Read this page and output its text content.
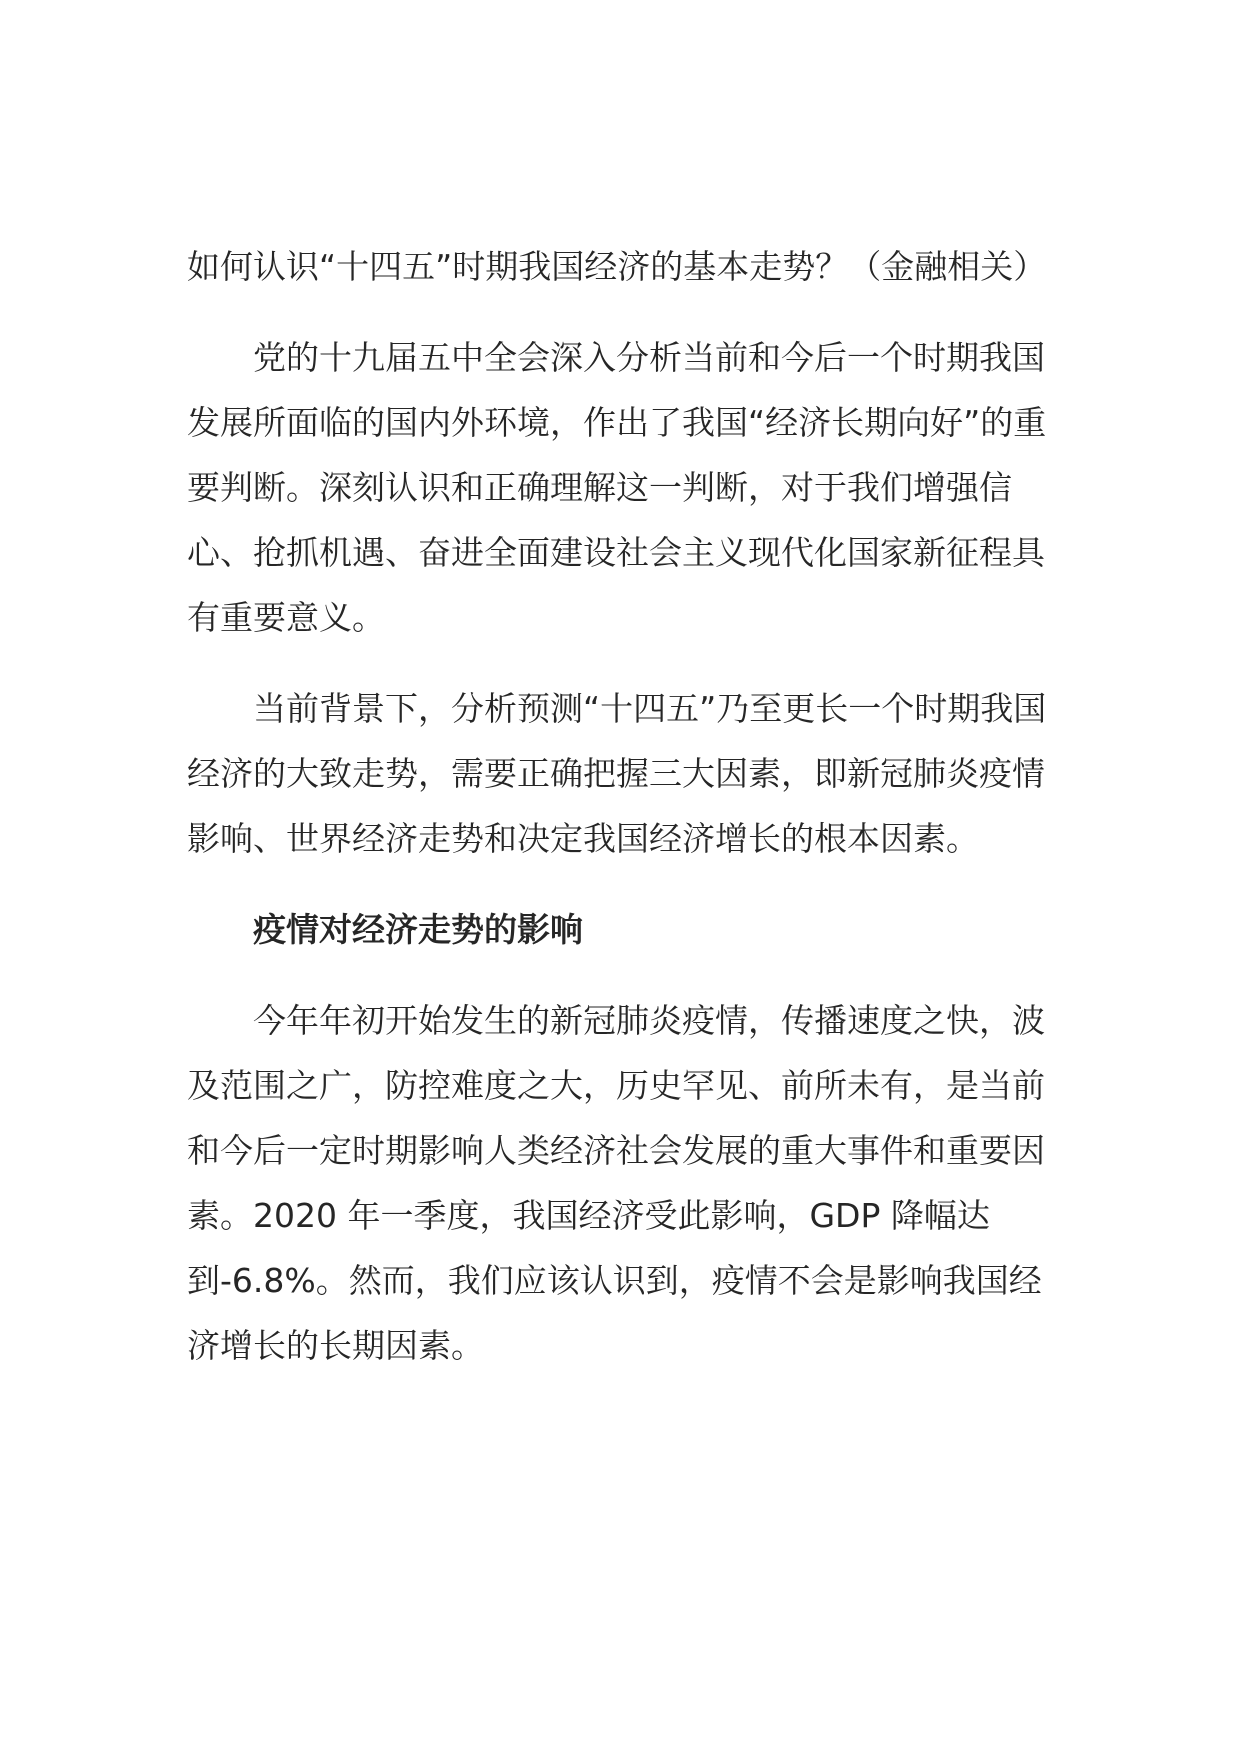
如何认识“十四五”时期我国经济的基本走势？（金融相关）

党的十九届五中全会深入分析当前和今后一个时期我国发展所面临的国内外环境，作出了我国“经济长期向好”的重要判断。深刻认识和正确理解这一判断，对于我们增强信心、抢抓机遇、奋进全面建设社会主义现代化国家新征程具有重要意义。

当前背景下，分析预测“十四五”乃至更长一个时期我国经济的大致走势，需要正确把握三大因素，即新冠肺炎疫情影响、世界经济走势和决定我国经济增长的根本因素。

疫情对经济走势的影响

今年年初开始发生的新冠肺炎疫情，传播速度之快，波及范围之广，防控难度之大，历史罕见、前所未有，是当前和今后一定时期影响人类经济社会发展的重大事件和重要因素。2020 年一季度，我国经济受此影响，GDP 降幅达到-6.8%。然而，我们应该认识到，疫情不会是影响我国经济增长的长期因素。
